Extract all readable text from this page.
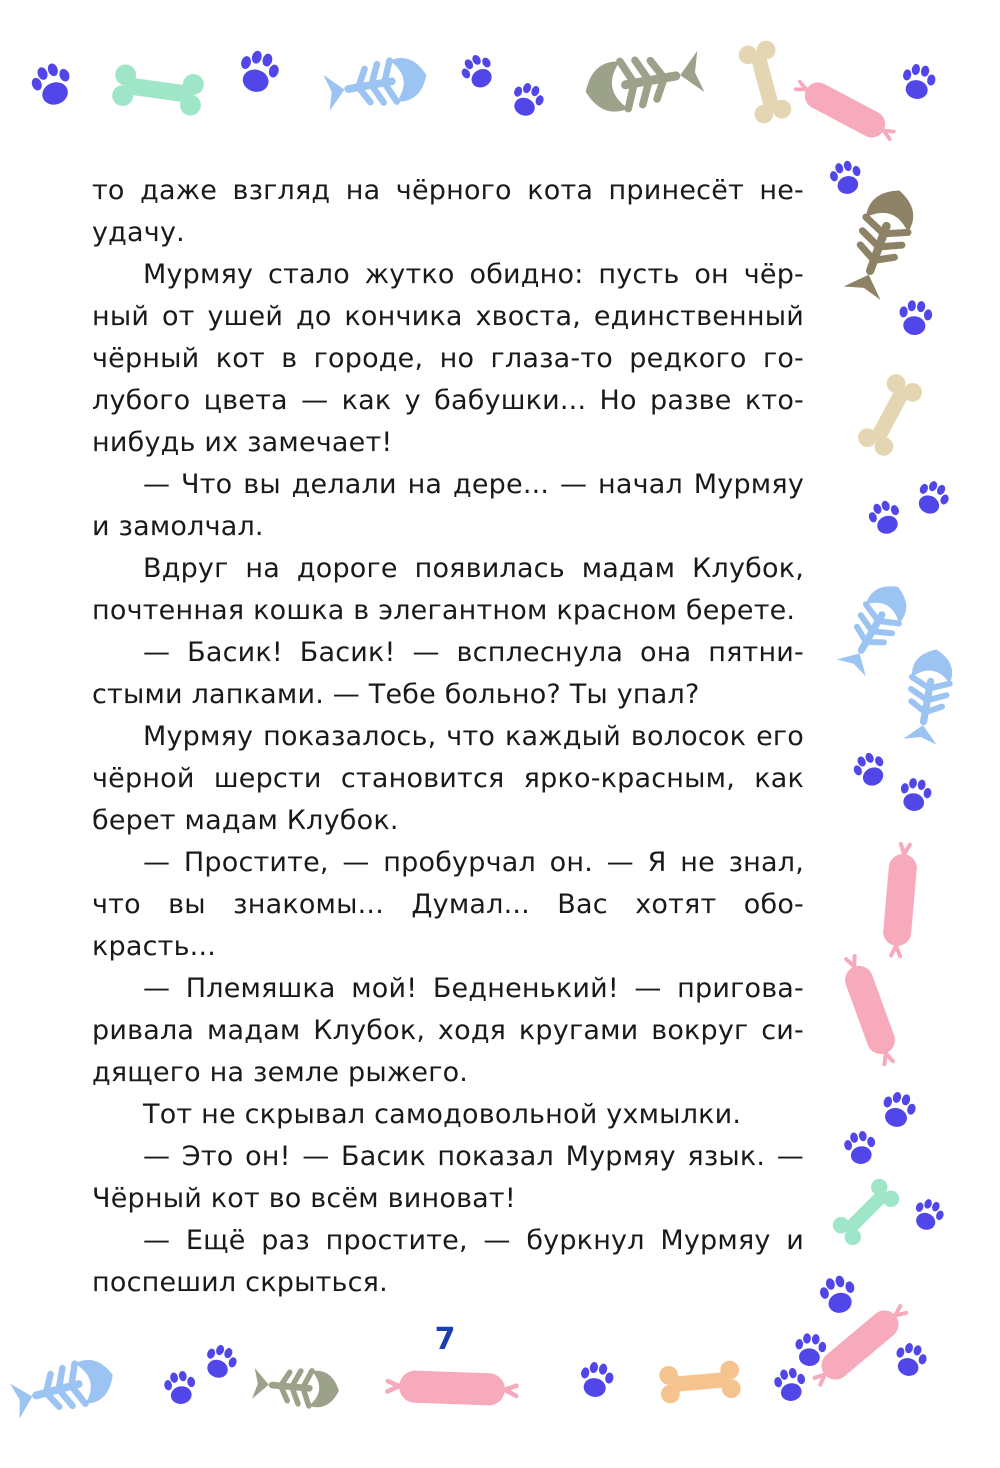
то даже взгляд на чёрного кота принесёт не-
удачу.
Мурмяу стало жутко обидно: пусть он чёр-
ный от ушей до кончика хвоста, единственный
чёрный кот в городе, но глаза-то редкого го-
лубого цвета — как у бабушки... Но разве кто-
нибудь их замечает!
— Что вы делали на дере... — начал Мурмяу
и замолчал.
Вдруг на дороге появилась мадам Клубок,
почтенная кошка в элегантном красном берете.
— Басик! Басик! — всплеснула она пятни-
стыми лапками. — Тебе больно? Ты упал?
Мурмяу показалось, что каждый волосок его
чёрной шерсти становится ярко-красным, как
берет мадам Клубок.
— Простите, — пробурчал он. — Я не знал,
что вы знакомы... Думал... Вас хотят обо-
красть...
— Племяшка мой! Бедненький! — пригова-
ривала мадам Клубок, ходя кругами вокруг си-
дящего на земле рыжего.
Тот не скрывал самодовольной ухмылки.
— Это он! — Басик показал Мурмяу язык. —
Чёрный кот во всём виноват!
— Ещё раз простите, — буркнул Мурмяу и
поспешил скрыться.
7
